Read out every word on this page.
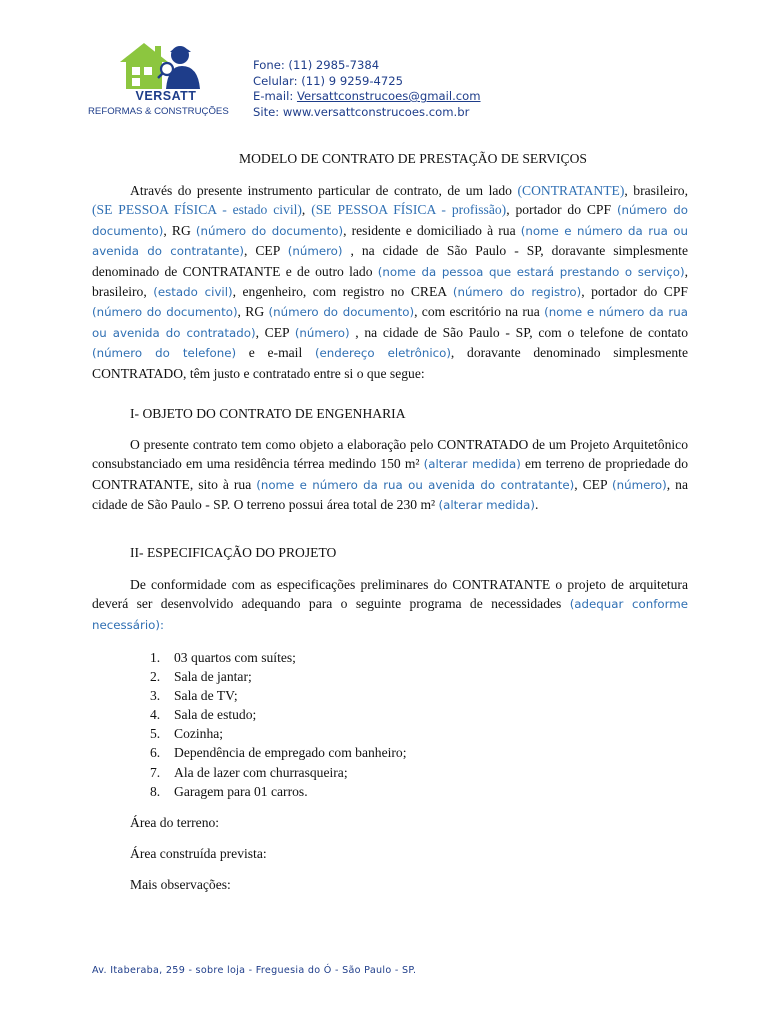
VERSATT
REFORMAS & CONSTRUÇÕES
Fone: (11) 2985-7384
Celular: (11) 9 9259-4725
E-mail: Versattconstrucoes@gmail.com
Site: www.versattconstrucoes.com.br
MODELO DE CONTRATO DE PRESTAÇÃO DE SERVIÇOS
Através do presente instrumento particular de contrato, de um lado (CONTRATANTE), brasileiro, (SE PESSOA FÍSICA - estado civil), (SE PESSOA FÍSICA - profissão), portador do CPF (número do documento), RG (número do documento), residente e domiciliado à rua (nome e número da rua ou avenida do contratante), CEP (número) , na cidade de São Paulo - SP, doravante simplesmente denominado de CONTRATANTE e de outro lado (nome da pessoa que estará prestando o serviço), brasileiro, (estado civil), engenheiro, com registro no CREA (número do registro), portador do CPF (número do documento), RG (número do documento), com escritório na rua (nome e número da rua ou avenida do contratado), CEP (número) , na cidade de São Paulo - SP, com o telefone de contato (número do telefone) e e-mail (endereço eletrônico), doravante denominado simplesmente CONTRATADO, têm justo e contratado entre si o que segue:
I- OBJETO DO CONTRATO DE ENGENHARIA
O presente contrato tem como objeto a elaboração pelo CONTRATADO de um Projeto Arquitetônico consubstanciado em uma residência térrea medindo 150 m² (alterar medida) em terreno de propriedade do CONTRATANTE, sito à rua (nome e número da rua ou avenida do contratante), CEP (número), na cidade de São Paulo - SP. O terreno possui área total de 230 m² (alterar medida).
II- ESPECIFICAÇÃO DO PROJETO
De conformidade com as especificações preliminares do CONTRATANTE o projeto de arquitetura deverá ser desenvolvido adequando para o seguinte programa de necessidades (adequar conforme necessário):
1.	03 quartos com suítes;
2.	Sala de jantar;
3.	Sala de TV;
4.	Sala de estudo;
5.	Cozinha;
6.	Dependência de empregado com banheiro;
7.	Ala de lazer com churrasqueira;
8.	Garagem para 01 carros.
Área do terreno:
Área construída prevista:
Mais observações:
Av. Itaberaba, 259 - sobre loja - Freguesia do Ó - São Paulo - SP.
